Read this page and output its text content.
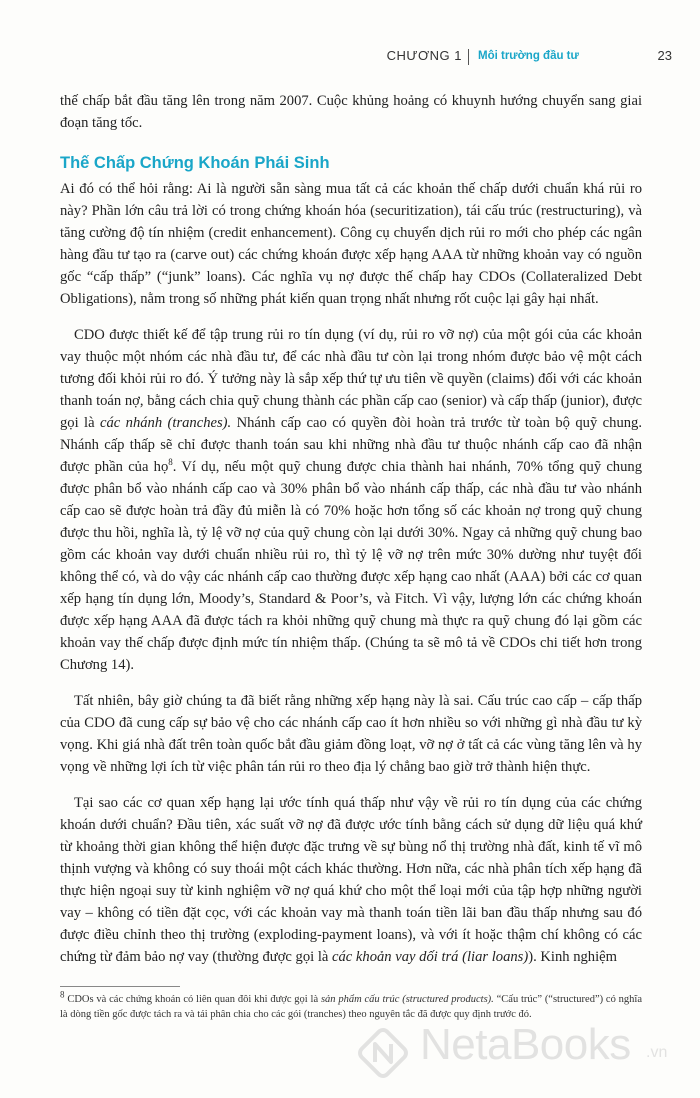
CHƯƠNG 1 Môi trường đầu tư	23

thế chấp bắt đầu tăng lên trong năm 2007. Cuộc khủng hoảng có khuynh hướng chuyển sang giai đoạn tăng tốc.

Thế Chấp Chứng Khoán Phái Sinh

Ai đó có thể hỏi rằng: Ai là người sẵn sàng mua tất cả các khoản thế chấp dưới chuẩn khá rủi ro này? Phần lớn câu trả lời có trong chứng khoán hóa (securitization), tái cấu trúc (restructuring), và tăng cường độ tín nhiệm (credit enhancement). Công cụ chuyển dịch rủi ro mới cho phép các ngân hàng đầu tư tạo ra (carve out) các chứng khoán được xếp hạng AAA từ những khoản vay có nguồn gốc “cấp thấp” (“junk” loans). Các nghĩa vụ nợ được thế chấp hay CDOs (Collateralized Debt Obligations), nằm trong số những phát kiến quan trọng nhất nhưng rốt cuộc lại gây hại nhất.

CDO được thiết kế để tập trung rủi ro tín dụng (ví dụ, rủi ro vỡ nợ) của một gói của các khoản vay thuộc một nhóm các nhà đầu tư, để các nhà đầu tư còn lại trong nhóm được bảo vệ một cách tương đối khỏi rủi ro đó. Ý tưởng này là sắp xếp thứ tự ưu tiên về quyền (claims) đối với các khoản thanh toán nợ, bằng cách chia quỹ chung thành các phần cấp cao (senior) và cấp thấp (junior), được gọi là các nhánh (tranches). Nhánh cấp cao có quyền đòi hoàn trả trước từ toàn bộ quỹ chung. Nhánh cấp thấp sẽ chỉ được thanh toán sau khi những nhà đầu tư thuộc nhánh cấp cao đã nhận được phần của họ$^8$. Ví dụ, nếu một quỹ chung được chia thành hai nhánh, 70% tổng quỹ chung được phân bổ vào nhánh cấp cao và 30% phân bổ vào nhánh cấp thấp, các nhà đầu tư vào nhánh cấp cao sẽ được hoàn trả đầy đủ miễn là có 70% hoặc hơn tổng số các khoản nợ trong quỹ chung được thu hồi, nghĩa là, tỷ lệ vỡ nợ của quỹ chung còn lại dưới 30%. Ngay cả những quỹ chung bao gồm các khoản vay dưới chuẩn nhiều rủi ro, thì tỷ lệ vỡ nợ trên mức 30% dường như tuyệt đối không thể có, và do vậy các nhánh cấp cao thường được xếp hạng cao nhất (AAA) bởi các cơ quan xếp hạng tín dụng lớn, Moody’s, Standard & Poor’s, và Fitch. Vì vậy, lượng lớn các chứng khoán được xếp hạng AAA đã được tách ra khỏi những quỹ chung mà thực ra quỹ chung đó lại gồm các khoản vay thế chấp được định mức tín nhiệm thấp. (Chúng ta sẽ mô tả về CDOs chi tiết hơn trong Chương 14).

Tất nhiên, bây giờ chúng ta đã biết rằng những xếp hạng này là sai. Cấu trúc cao cấp – cấp thấp của CDO đã cung cấp sự bảo vệ cho các nhánh cấp cao ít hơn nhiều so với những gì nhà đầu tư kỳ vọng. Khi giá nhà đất trên toàn quốc bắt đầu giảm đồng loạt, vỡ nợ ở tất cả các vùng tăng lên và hy vọng về những lợi ích từ việc phân tán rủi ro theo địa lý chẳng bao giờ trở thành hiện thực.

Tại sao các cơ quan xếp hạng lại ước tính quá thấp như vậy về rủi ro tín dụng của các chứng khoán dưới chuẩn? Đầu tiên, xác suất vỡ nợ đã được ước tính bằng cách sử dụng dữ liệu quá khứ từ khoảng thời gian không thể hiện được đặc trưng về sự bùng nổ thị trường nhà đất, kinh tế vĩ mô thịnh vượng và không có suy thoái một cách khác thường. Hơn nữa, các nhà phân tích xếp hạng đã thực hiện ngoại suy từ kinh nghiệm vỡ nợ quá khứ cho một thể loại mới của tập hợp những người vay – không có tiền đặt cọc, với các khoản vay mà thanh toán tiền lãi ban đầu thấp nhưng sau đó được điều chỉnh theo thị trường (exploding-payment loans), và với ít hoặc thậm chí không có các chứng từ đảm bảo nợ vay (thường được gọi là các khoản vay dối trá (liar loans)). Kinh nghiệm

$^8$ CDOs và các chứng khoán có liên quan đôi khi được gọi là sản phẩm cấu trúc (structured products). “Cấu trúc” (“structured”) có nghĩa là dòng tiền gốc được tách ra và tái phân chia cho các gói (tranches) theo nguyên tắc đã được quy định trước đó.
NetaBooks .vn
